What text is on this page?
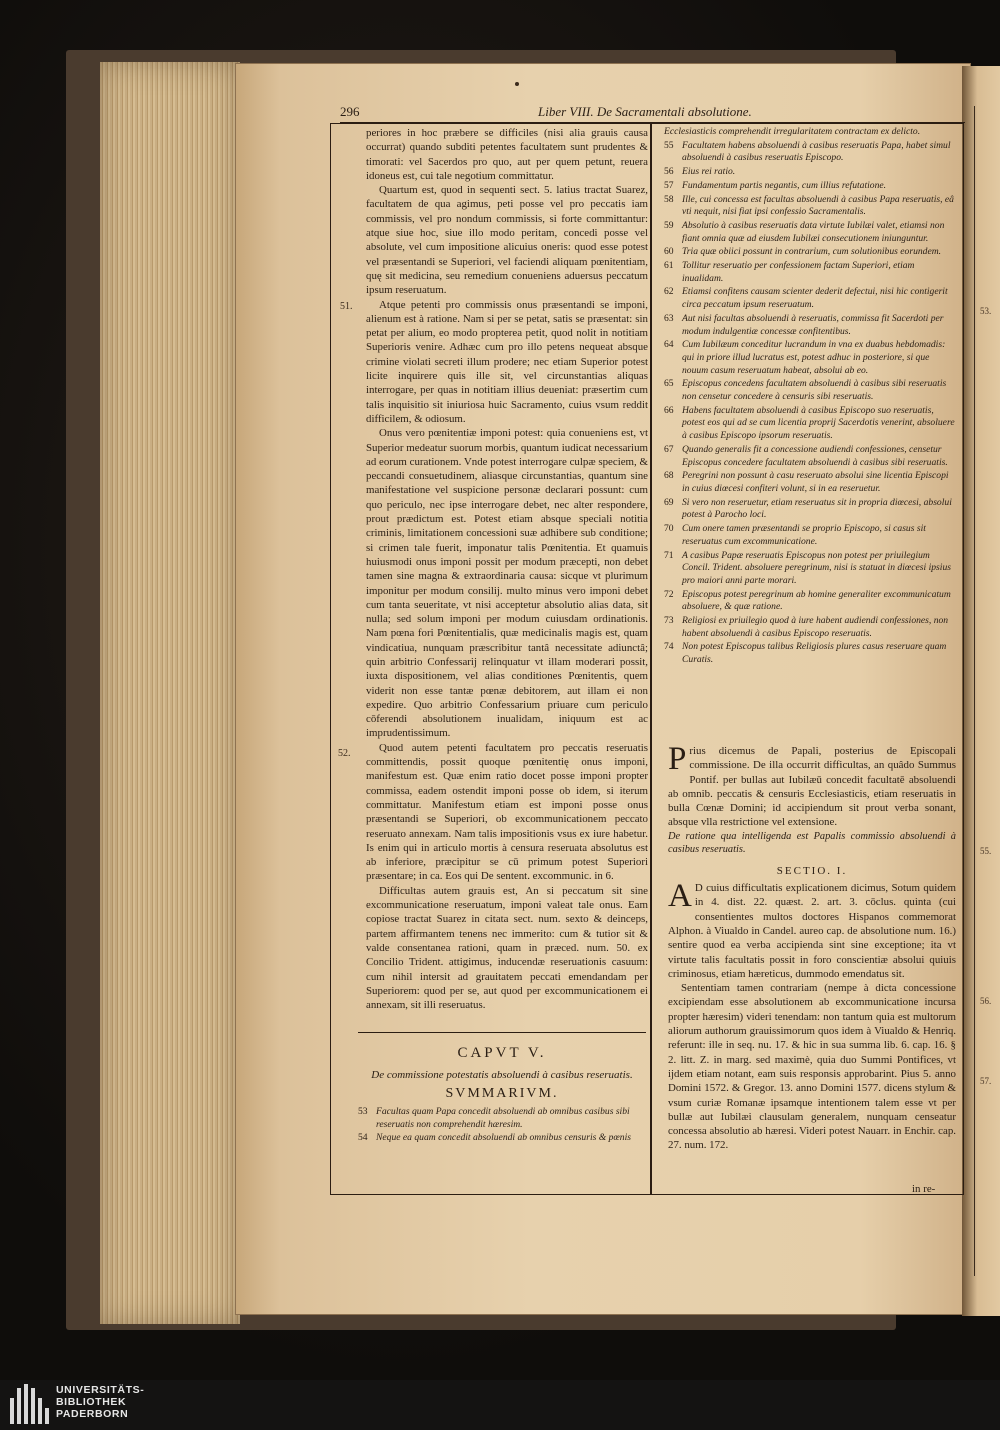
53.
55.
56.
57.
296	Liber VIII. De Sacramentali absolutione.
51.
52.

periores in hoc præbere se difficiles (nisi alia grauis causa occurrat) quando subditi petentes facultatem sunt prudentes & timorati: vel Sacerdos pro quo, aut per quem petunt, reuera idoneus est, cui tale negotium committatur.

Quartum est, quod in sequenti sect. 5. latius tractat Suarez, facultatem de qua agimus, peti posse vel pro peccatis iam commissis, vel pro nondum commissis, si forte committantur: atque siue hoc, siue illo modo peritam, concedi posse vel absolute, vel cum impositione alicuius oneris: quod esse potest vel præsentandi se Superiori, vel faciendi aliquam pœnitentiam, quę sit medicina, seu remedium conueniens aduersus peccatum ipsum reseruatum.

Atque petenti pro commissis onus præsentandi se imponi, alienum est à ratione. Nam si per se petat, satis se præsentat: sin petat per alium, eo modo propterea petit, quod nolit in notitiam Superioris venire. Adhæc cum pro illo petens nequeat absque crimine violati secreti illum prodere; nec etiam Superior potest licite inquirere quis ille sit, vel circunstantias aliquas interrogare, per quas in notitiam illius deueniat: præsertim cum talis inquisitio sit iniuriosa huic Sacramento, cuius vsum reddit difficilem, & odiosum.

Onus vero pœnitentiæ imponi potest: quia conueniens est, vt Superior medeatur suorum morbis, quantum iudicat necessarium ad eorum curationem. Vnde potest interrogare culpæ speciem, & peccandi consuetudinem, aliasque circunstantias, quantum sine manifestatione vel suspicione personæ declarari possunt: cum quo periculo, nec ipse interrogare debet, nec alter respondere, prout prædictum est. Potest etiam absque speciali notitia criminis, limitationem concessioni suæ adhibere sub conditione; si crimen tale fuerit, imponatur talis Pœnitentia. Et quamuis huiusmodi onus imponi possit per modum præcepti, non debet tamen sine magna & extraordinaria causa: sicque vt plurimum imponitur per modum consilij. multo minus vero imponi debet cum tanta seueritate, vt nisi acceptetur absolutio alias data, sit nulla; sed solum imponi per modum cuiusdam ordinationis. Nam pœna fori Pœnitentialis, quæ medicinalis magis est, quam vindicatiua, nunquam præscribitur tantâ necessitate adiunctâ; quin arbitrio Confessarij relinquatur vt illam moderari possit, iuxta dispositionem, vel alias conditiones Pœnitentis, quem viderit non esse tantæ pœnæ debitorem, aut illam ei non expedire. Quo arbitrio Confessarium priuare cum periculo cōferendi absolutionem inualidam, iniquum est ac imprudentissimum.

Quod autem petenti facultatem pro peccatis reseruatis committendis, possit quoque pœnitentię onus imponi, manifestum est. Quæ enim ratio docet posse imponi propter commissa, eadem ostendit imponi posse ob idem, si iterum committatur. Manifestum etiam est imponi posse onus præsentandi se Superiori, ob excommunicationem peccato reseruato annexam. Nam talis impositionis vsus ex iure habetur. Is enim qui in articulo mortis à censura reseruata absolutus est ab inferiore, præcipitur se cū primum potest Superiori præsentare; in ca. Eos qui De sentent. excommunic. in 6.

Difficultas autem grauis est, An si peccatum sit sine excommunicatione reseruatum, imponi valeat tale onus. Eam copiose tractat Suarez in citata sect. num. sexto & deinceps, partem affirmantem tenens nec immerito: cum & tutior sit & valde consentanea rationi, quam in præced. num. 50. ex Concilio Trident. attigimus, inducendæ reseruationis casuum: cum nihil intersit ad grauitatem peccati emendandam per Superiorem: quod per se, aut quod per excommunicationem ei annexam, sit illi reseruatus.

CAPVT V.
De commissione potestatis absoluendi à casibus reseruatis.
SVMMARIVM.
53 Facultas quam Papa concedit absoluendi ab omnibus casibus sibi reseruatis non comprehendit hæresim.
54 Neque ea quam concedit absoluendi ab omnibus censuris & pœnis
Ecclesiasticis comprehendit irregularitatem contractam ex delicto.
55 Facultatem habens absoluendi à casibus reseruatis Papa, habet simul absoluendi à casibus reseruatis Episcopo.
56 Eius rei ratio.
57 Fundamentum partis negantis, cum illius refutatione.
58 Ille, cui concessa est facultas absoluendi à casibus Papa reseruatis, eâ vti nequit, nisi fiat ipsi confessio Sacramentalis.
59 Absolutio à casibus reseruatis data virtute Iubilæi valet, etiamsi non fiant omnia quæ ad eiusdem Iubilæi consecutionem iniunguntur.
60 Tria quæ obiici possunt in contrarium, cum solutionibus eorundem.
61 Tollitur reseruatio per confessionem factam Superiori, etiam inualidam.
62 Etiamsi confitens causam scienter dederit defectui, nisi hic contigerit circa peccatum ipsum reseruatum.
63 Aut nisi facultas absoluendi à reseruatis, commissa fit Sacerdoti per modum indulgentiæ concessæ confitentibus.
64 Cum Iubilæum conceditur lucrandum in vna ex duabus hebdomadis: qui in priore illud lucratus est, potest adhuc in posteriore, si que nouum casum reseruatum habeat, absolui ab eo.
65 Episcopus concedens facultatem absoluendi à casibus sibi reseruatis non censetur concedere à censuris sibi reseruatis.
66 Habens facultatem absoluendi à casibus Episcopo suo reseruatis, potest eos qui ad se cum licentia proprij Sacerdotis venerint, absoluere à casibus Episcopo ipsorum reseruatis.
67 Quando generalis fit a concessione audiendi confessiones, censetur Episcopus concedere facultatem absoluendi à casibus sibi reseruatis.
68 Peregrini non possunt à casu reseruato absolui sine licentia Episcopi in cuius diœcesi confiteri volunt, si in ea reseruetur.
69 Si vero non reseruetur, etiam reseruatus sit in propria diœcesi, absolui potest à Parocho loci.
70 Cum onere tamen præsentandi se proprio Episcopo, si casus sit reseruatus cum excommunicatione.
71 A casibus Papæ reseruatis Episcopus non potest per priuilegium Concil. Trident. absoluere peregrinum, nisi is statuat in diœcesi ipsius pro maiori anni parte morari.
72 Episcopus potest peregrinum ab homine generaliter excommunicatum absoluere, & quæ ratione.
73 Religiosi ex priuilegio quod à iure habent audiendi confessiones, non habent absoluendi à casibus Episcopo reseruatis.
74 Non potest Episcopus talibus Religiosis plures casus reseruare quam Curatis.

Prius dicemus de Papali, posterius de Episcopali commissione. De illa occurrit difficultas, an quâdo Summus Pontif. per bullas aut Iubilæū concedit facultatē absoluendi ab omnib. peccatis & censuris Ecclesiasticis, etiam reseruatis in bulla Cœnæ Domini; id accipiendum sit prout verba sonant, absque vlla restrictione vel extensione.

De ratione qua intelligenda est Papalis commissio absoluendi à casibus reseruatis.

SECTIO. I.

A D cuius difficultatis explicationem dicimus, Sotum quidem in 4. dist. 22. quæst. 2. art. 3. cōclus. quinta (cui consentientes multos doctores Hispanos commemorat Alphon. à Viualdo in Candel. aureo cap. de absolutione num. 16.) sentire quod ea verba accipienda sint sine exceptione; ita vt virtute talis facultatis possit in foro conscientiæ absolui quiuis criminosus, etiam hæreticus, dummodo emendatus sit.

Sententiam tamen contrariam (nempe à dicta concessione excipiendam esse absolutionem ab excommunicatione incursa propter hæresim) videri tenendam: non tantum quia est multorum aliorum authorum grauissimorum quos idem à Viualdo & Henriq. referunt: ille in seq. nu. 17. & hic in sua summa lib. 6. cap. 16. § 2. litt. Z. in marg. sed maximè, quia duo Summi Pontifices, vt ijdem etiam notant, eam suis responsis approbarint. Pius 5. anno Domini 1572. & Gregor. 13. anno Domini 1577. dicens stylum & vsum curiæ Romanæ ipsamque intentionem talem esse vt per bullæ aut Iubilæi clausulam generalem, nunquam censeatur concessa absolutio ab hæresi. Videri potest Nauarr. in Enchir. cap. 27. num. 172.

in re-
UNIVERSITÄTS-
BIBLIOTHEK
PADERBORN
